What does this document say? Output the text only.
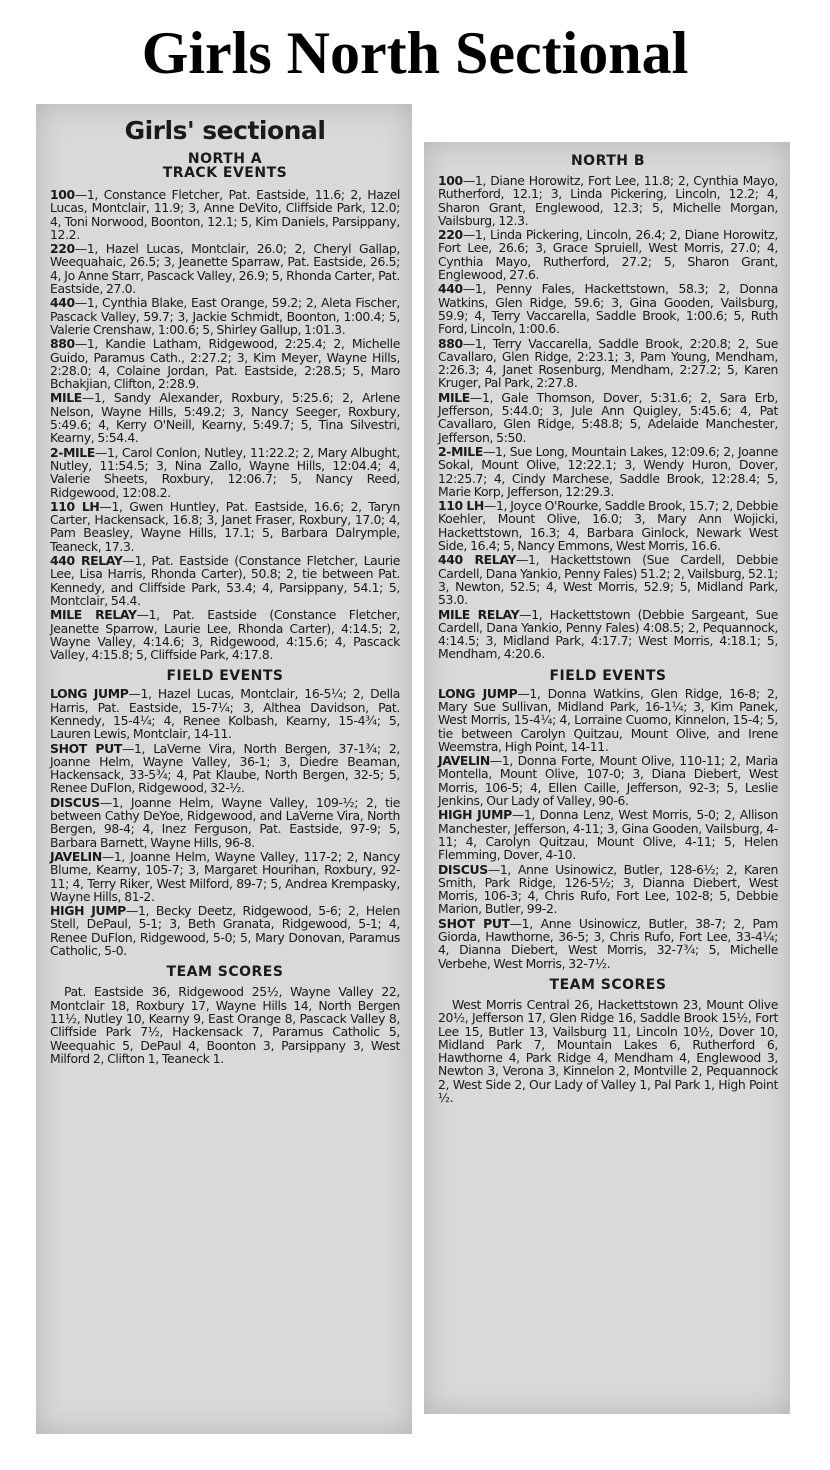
Girls North Sectional
Girls' sectional
NORTH A
TRACK EVENTS

100—1, Constance Fletcher, Pat. Eastside, 11.6; 2, Hazel Lucas, Montclair, 11.9; 3, Anne DeVito, Cliffside Park, 12.0; 4, Toni Norwood, Boonton, 12.1; 5, Kim Daniels, Parsippany, 12.2.

220—1, Hazel Lucas, Montclair, 26.0; 2, Cheryl Gallap, Weequahaic, 26.5; 3, Jeanette Sparraw, Pat. Eastside, 26.5; 4, Jo Anne Starr, Pascack Valley, 26.9; 5, Rhonda Carter, Pat. Eastside, 27.0.

440—1, Cynthia Blake, East Orange, 59.2; 2, Aleta Fischer, Pascack Valley, 59.7; 3, Jackie Schmidt, Boonton, 1:00.4; 5, Valerie Crenshaw, 1:00.6; 5, Shirley Gallup, 1:01.3.

880—1, Kandie Latham, Ridgewood, 2:25.4; 2, Michelle Guido, Paramus Cath., 2:27.2; 3, Kim Meyer, Wayne Hills, 2:28.0; 4, Colaine Jordan, Pat. Eastside, 2:28.5; 5, Maro Bchakjian, Clifton, 2:28.9.

MILE—1, Sandy Alexander, Roxbury, 5:25.6; 2, Arlene Nelson, Wayne Hills, 5:49.2; 3, Nancy Seeger, Roxbury, 5:49.6; 4, Kerry O'Neill, Kearny, 5:49.7; 5, Tina Silvestri, Kearny, 5:54.4.

2-MILE—1, Carol Conlon, Nutley, 11:22.2; 2, Mary Albught, Nutley, 11:54.5; 3, Nina Zallo, Wayne Hills, 12:04.4; 4, Valerie Sheets, Roxbury, 12:06.7; 5, Nancy Reed, Ridgewood, 12:08.2.

110 LH—1, Gwen Huntley, Pat. Eastside, 16.6; 2, Taryn Carter, Hackensack, 16.8; 3, Janet Fraser, Roxbury, 17.0; 4, Pam Beasley, Wayne Hills, 17.1; 5, Barbara Dalrymple, Teaneck, 17.3.

440 RELAY—1, Pat. Eastside (Constance Fletcher, Laurie Lee, Lisa Harris, Rhonda Carter), 50.8; 2, tie between Pat. Kennedy, and Cliffside Park, 53.4; 4, Parsippany, 54.1; 5, Montclair, 54.4.

MILE RELAY—1, Pat. Eastside (Constance Fletcher, Jeanette Sparrow, Laurie Lee, Rhonda Carter), 4:14.5; 2, Wayne Valley, 4:14.6; 3, Ridgewood, 4:15.6; 4, Pascack Valley, 4:15.8; 5, Cliffside Park, 4:17.8.

FIELD EVENTS

LONG JUMP—1, Hazel Lucas, Montclair, 16-5¼; 2, Della Harris, Pat. Eastside, 15-7¼; 3, Althea Davidson, Pat. Kennedy, 15-4¼; 4, Renee Kolbash, Kearny, 15-4¾; 5, Lauren Lewis, Montclair, 14-11.

SHOT PUT—1, LaVerne Vira, North Bergen, 37-1¾; 2, Joanne Helm, Wayne Valley, 36-1; 3, Diedre Beaman, Hackensack, 33-5¾; 4, Pat Klaube, North Bergen, 32-5; 5, Renee DuFlon, Ridgewood, 32-½.

DISCUS—1, Joanne Helm, Wayne Valley, 109-½; 2, tie between Cathy DeYoe, Ridgewood, and LaVerne Vira, North Bergen, 98-4; 4, Inez Ferguson, Pat. Eastside, 97-9; 5, Barbara Barnett, Wayne Hills, 96-8.

JAVELIN—1, Joanne Helm, Wayne Valley, 117-2; 2, Nancy Blume, Kearny, 105-7; 3, Margaret Hourihan, Roxbury, 92-11; 4, Terry Riker, West Milford, 89-7; 5, Andrea Krempasky, Wayne Hills, 81-2.

HIGH JUMP—1, Becky Deetz, Ridgewood, 5-6; 2, Helen Stell, DePaul, 5-1; 3, Beth Granata, Ridgewood, 5-1; 4, Renee DuFlon, Ridgewood, 5-0; 5, Mary Donovan, Paramus Catholic, 5-0.

TEAM SCORES

Pat. Eastside 36, Ridgewood 25½, Wayne Valley 22, Montclair 18, Roxbury 17, Wayne Hills 14, North Bergen 11½, Nutley 10, Kearny 9, East Orange 8, Pascack Valley 8, Cliffside Park 7½, Hackensack 7, Paramus Catholic 5, Weequahic 5, DePaul 4, Boonton 3, Parsippany 3, West Milford 2, Clifton 1, Teaneck 1.

NORTH B

100—1, Diane Horowitz, Fort Lee, 11.8; 2, Cynthia Mayo, Rutherford, 12.1; 3, Linda Pickering, Lincoln, 12.2; 4, Sharon Grant, Englewood, 12.3; 5, Michelle Morgan, Vailsburg, 12.3.

220—1, Linda Pickering, Lincoln, 26.4; 2, Diane Horowitz, Fort Lee, 26.6; 3, Grace Spruiell, West Morris, 27.0; 4, Cynthia Mayo, Rutherford, 27.2; 5, Sharon Grant, Englewood, 27.6.

440—1, Penny Fales, Hackettstown, 58.3; 2, Donna Watkins, Glen Ridge, 59.6; 3, Gina Gooden, Vailsburg, 59.9; 4, Terry Vaccarella, Saddle Brook, 1:00.6; 5, Ruth Ford, Lincoln, 1:00.6.

880—1, Terry Vaccarella, Saddle Brook, 2:20.8; 2, Sue Cavallaro, Glen Ridge, 2:23.1; 3, Pam Young, Mendham, 2:26.3; 4, Janet Rosenburg, Mendham, 2:27.2; 5, Karen Kruger, Pal Park, 2:27.8.

MILE—1, Gale Thomson, Dover, 5:31.6; 2, Sara Erb, Jefferson, 5:44.0; 3, Jule Ann Quigley, 5:45.6; 4, Pat Cavallaro, Glen Ridge, 5:48.8; 5, Adelaide Manchester, Jefferson, 5:50.

2-MILE—1, Sue Long, Mountain Lakes, 12:09.6; 2, Joanne Sokal, Mount Olive, 12:22.1; 3, Wendy Huron, Dover, 12:25.7; 4, Cindy Marchese, Saddle Brook, 12:28.4; 5, Marie Korp, Jefferson, 12:29.3.

110 LH—1, Joyce O'Rourke, Saddle Brook, 15.7; 2, Debbie Koehler, Mount Olive, 16.0; 3, Mary Ann Wojicki, Hackettstown, 16.3; 4, Barbara Ginlock, Newark West Side, 16.4; 5, Nancy Emmons, West Morris, 16.6.

440 RELAY—1, Hackettstown (Sue Cardell, Debbie Cardell, Dana Yankio, Penny Fales) 51.2; 2, Vailsburg, 52.1; 3, Newton, 52.5; 4, West Morris, 52.9; 5, Midland Park, 53.0.

MILE RELAY—1, Hackettstown (Debbie Sargeant, Sue Cardell, Dana Yankio, Penny Fales) 4:08.5; 2, Pequannock, 4:14.5; 3, Midland Park, 4:17.7; West Morris, 4:18.1; 5, Mendham, 4:20.6.

FIELD EVENTS

LONG JUMP—1, Donna Watkins, Glen Ridge, 16-8; 2, Mary Sue Sullivan, Midland Park, 16-1¼; 3, Kim Panek, West Morris, 15-4¼; 4, Lorraine Cuomo, Kinnelon, 15-4; 5, tie between Carolyn Quitzau, Mount Olive, and Irene Weemstra, High Point, 14-11.

JAVELIN—1, Donna Forte, Mount Olive, 110-11; 2, Maria Montella, Mount Olive, 107-0; 3, Diana Diebert, West Morris, 106-5; 4, Ellen Caille, Jefferson, 92-3; 5, Leslie Jenkins, Our Lady of Valley, 90-6.

HIGH JUMP—1, Donna Lenz, West Morris, 5-0; 2, Allison Manchester, Jefferson, 4-11; 3, Gina Gooden, Vailsburg, 4-11; 4, Carolyn Quitzau, Mount Olive, 4-11; 5, Helen Flemming, Dover, 4-10.

DISCUS—1, Anne Usinowicz, Butler, 128-6½; 2, Karen Smith, Park Ridge, 126-5½; 3, Dianna Diebert, West Morris, 106-3; 4, Chris Rufo, Fort Lee, 102-8; 5, Debbie Marion, Butler, 99-2.

SHOT PUT—1, Anne Usinowicz, Butler, 38-7; 2, Pam Giorda, Hawthorne, 36-5; 3, Chris Rufo, Fort Lee, 33-4¼; 4, Dianna Diebert, West Morris, 32-7¾; 5, Michelle Verbehe, West Morris, 32-7½.

TEAM SCORES

West Morris Central 26, Hackettstown 23, Mount Olive 20½, Jefferson 17, Glen Ridge 16, Saddle Brook 15½, Fort Lee 15, Butler 13, Vailsburg 11, Lincoln 10½, Dover 10, Midland Park 7, Mountain Lakes 6, Rutherford 6, Hawthorne 4, Park Ridge 4, Mendham 4, Englewood 3, Newton 3, Verona 3, Kinnelon 2, Montville 2, Pequannock 2, West Side 2, Our Lady of Valley 1, Pal Park 1, High Point ½.
